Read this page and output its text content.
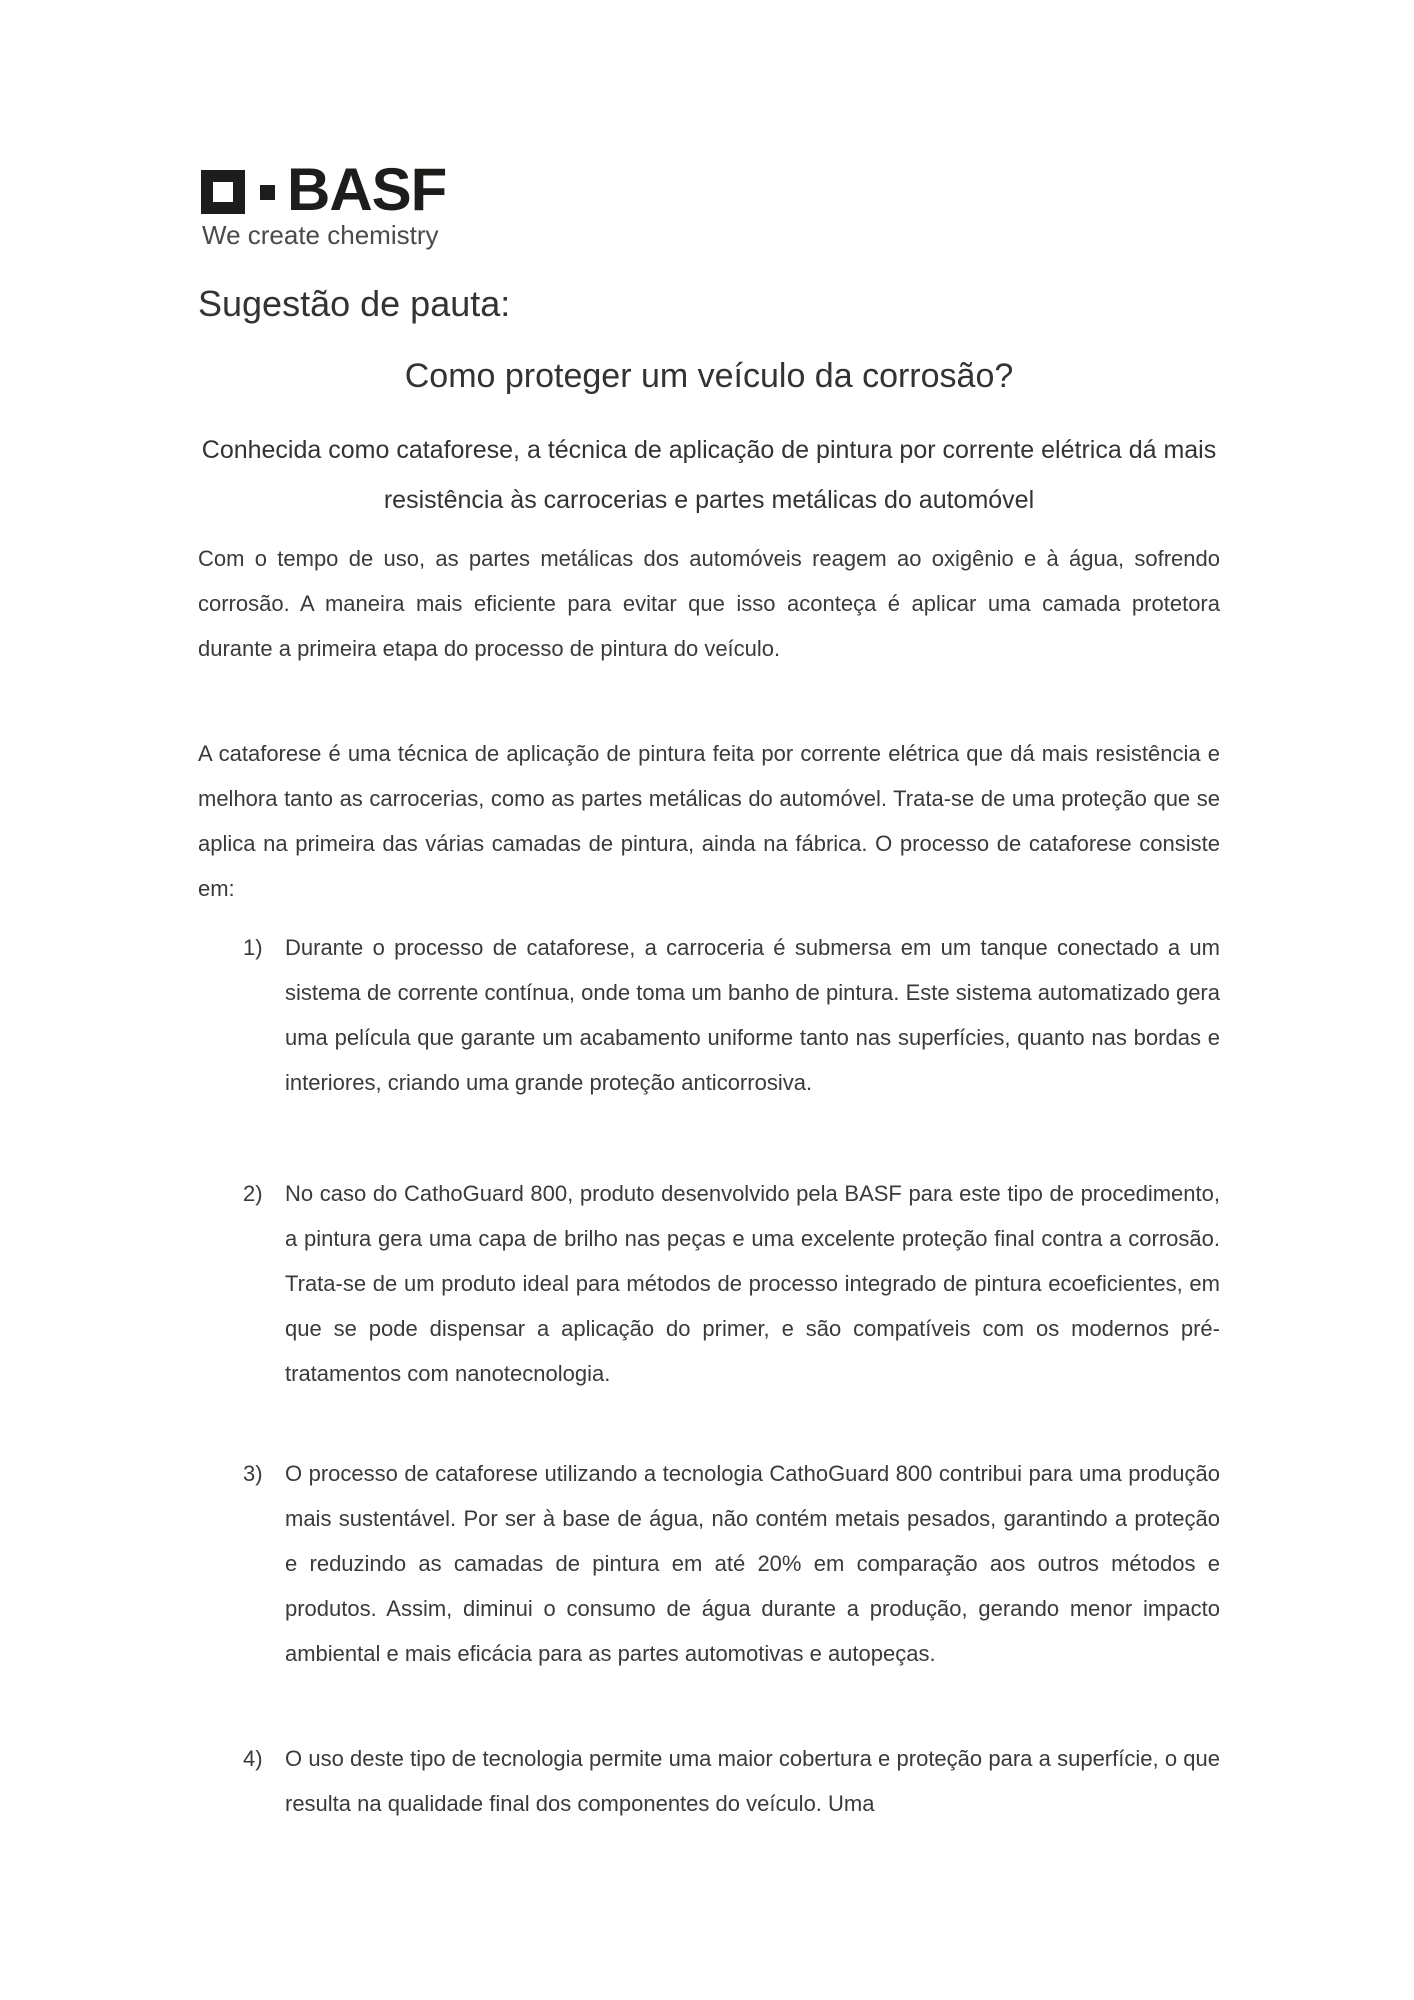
BASF
We create chemistry
Sugestão de pauta:
Como proteger um veículo da corrosão?
Conhecida como cataforese, a técnica de aplicação de pintura por corrente elétrica dá mais resistência às carrocerias e partes metálicas do automóvel
Com o tempo de uso, as partes metálicas dos automóveis reagem ao oxigênio e à água, sofrendo corrosão. A maneira mais eficiente para evitar que isso aconteça é aplicar uma camada protetora durante a primeira etapa do processo de pintura do veículo.
A cataforese é uma técnica de aplicação de pintura feita por corrente elétrica que dá mais resistência e melhora tanto as carrocerias, como as partes metálicas do automóvel. Trata-se de uma proteção que se aplica na primeira das várias camadas de pintura, ainda na fábrica. O processo de cataforese consiste em:
1)	Durante o processo de cataforese, a carroceria é submersa em um tanque conectado a um sistema de corrente contínua, onde toma um banho de pintura. Este sistema automatizado gera uma película que garante um acabamento uniforme tanto nas superfícies, quanto nas bordas e interiores, criando uma grande proteção anticorrosiva.
2)	No caso do CathoGuard 800, produto desenvolvido pela BASF para este tipo de procedimento, a pintura gera uma capa de brilho nas peças e uma excelente proteção final contra a corrosão. Trata-se de um produto ideal para métodos de processo integrado de pintura ecoeficientes, em que se pode dispensar a aplicação do primer, e são compatíveis com os modernos pré-tratamentos com nanotecnologia.
3)	O processo de cataforese utilizando a tecnologia CathoGuard 800 contribui para uma produção mais sustentável. Por ser à base de água, não contém metais pesados, garantindo a proteção e reduzindo as camadas de pintura em até 20% em comparação aos outros métodos e produtos. Assim, diminui o consumo de água durante a produção, gerando menor impacto ambiental e mais eficácia para as partes automotivas e autopeças.
4)	O uso deste tipo de tecnologia permite uma maior cobertura e proteção para a superfície, o que resulta na qualidade final dos componentes do veículo. Uma
